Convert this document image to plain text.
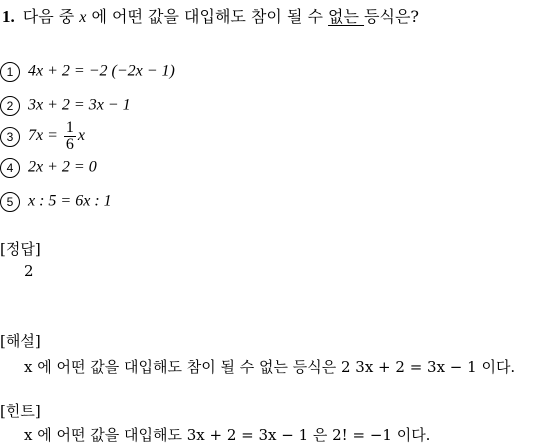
1. 다음 중 x 에 어떤 값을 대입해도 참이 될 수 없는 등식은?
1 4x + 2 = −2 (−2x − 1)
2 3x + 2 = 3x − 1
3 $7x = \frac{1}{6}$ x
4 2x + 2 = 0
5 x : 5 = 6x : 1
[정답]
2
[해설]
x 에 어떤 값을 대입해도 참이 될 수 없는 등식은 2 3x + 2 = 3x − 1 이다.
[힌트]
x 에 어떤 값을 대입해도 3x + 2 = 3x − 1 은 2! = −1 이다.
